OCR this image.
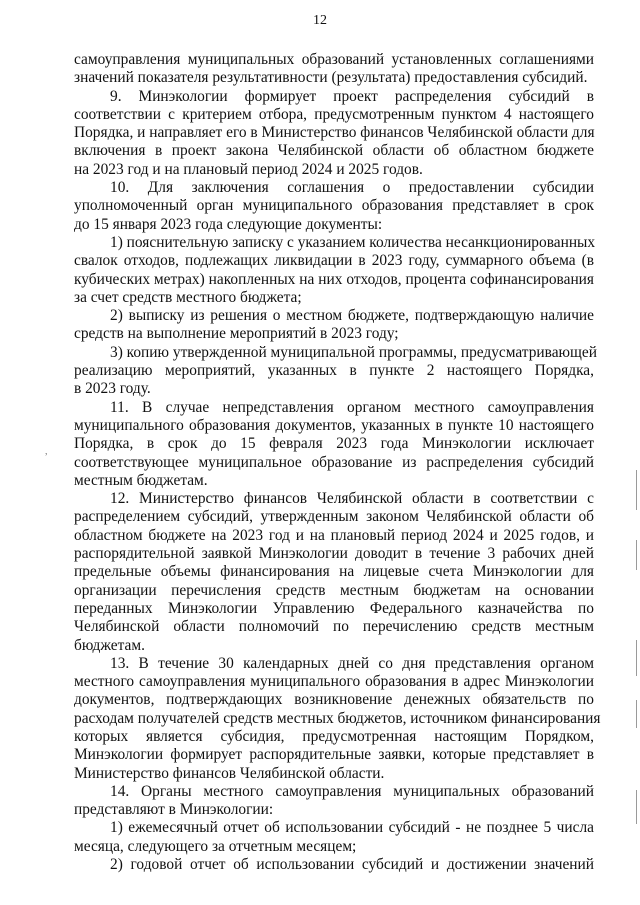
12
самоуправления муниципальных образований установленных соглашениями
значений показателя результативности (результата) предоставления субсидий.
9. Минэкологии формирует проект распределения субсидий в
соответствии с критерием отбора, предусмотренным пунктом 4 настоящего
Порядка, и направляет его в Министерство финансов Челябинской области для
включения в проект закона Челябинской области об областном бюджете
на 2023 год и на плановый период 2024 и 2025 годов.
10. Для заключения соглашения о предоставлении субсидии
уполномоченный орган муниципального образования представляет в срок
до 15 января 2023 года следующие документы:
1) пояснительную записку с указанием количества несанкционированных
свалок отходов, подлежащих ликвидации в 2023 году, суммарного объема (в
кубических метрах) накопленных на них отходов, процента софинансирования
за счет средств местного бюджета;
2) выписку из решения о местном бюджете, подтверждающую наличие
средств на выполнение мероприятий в 2023 году;
3) копию утвержденной муниципальной программы, предусматривающей
реализацию мероприятий, указанных в пункте 2 настоящего Порядка,
в 2023 году.
11. В случае непредставления органом местного самоуправления
муниципального образования документов, указанных в пункте 10 настоящего
Порядка, в срок до 15 февраля 2023 года Минэкологии исключает
соответствующее муниципальное образование из распределения субсидий
местным бюджетам.
12. Министерство финансов Челябинской области в соответствии с
распределением субсидий, утвержденным законом Челябинской области об
областном бюджете на 2023 год и на плановый период 2024 и 2025 годов, и
распорядительной заявкой Минэкологии доводит в течение 3 рабочих дней
предельные объемы финансирования на лицевые счета Минэкологии для
организации перечисления средств местным бюджетам на основании
переданных Минэкологии Управлению Федерального казначейства по
Челябинской области полномочий по перечислению средств местным
бюджетам.
13. В течение 30 календарных дней со дня представления органом
местного самоуправления муниципального образования в адрес Минэкологии
документов, подтверждающих возникновение денежных обязательств по
расходам получателей средств местных бюджетов, источником финансирования
которых является субсидия, предусмотренная настоящим Порядком,
Минэкологии формирует распорядительные заявки, которые представляет в
Министерство финансов Челябинской области.
14. Органы местного самоуправления муниципальных образований
представляют в Минэкологии:
1) ежемесячный отчет об использовании субсидий - не позднее 5 числа
месяца, следующего за отчетным месяцем;
2) годовой отчет об использовании субсидий и достижении значений
,
